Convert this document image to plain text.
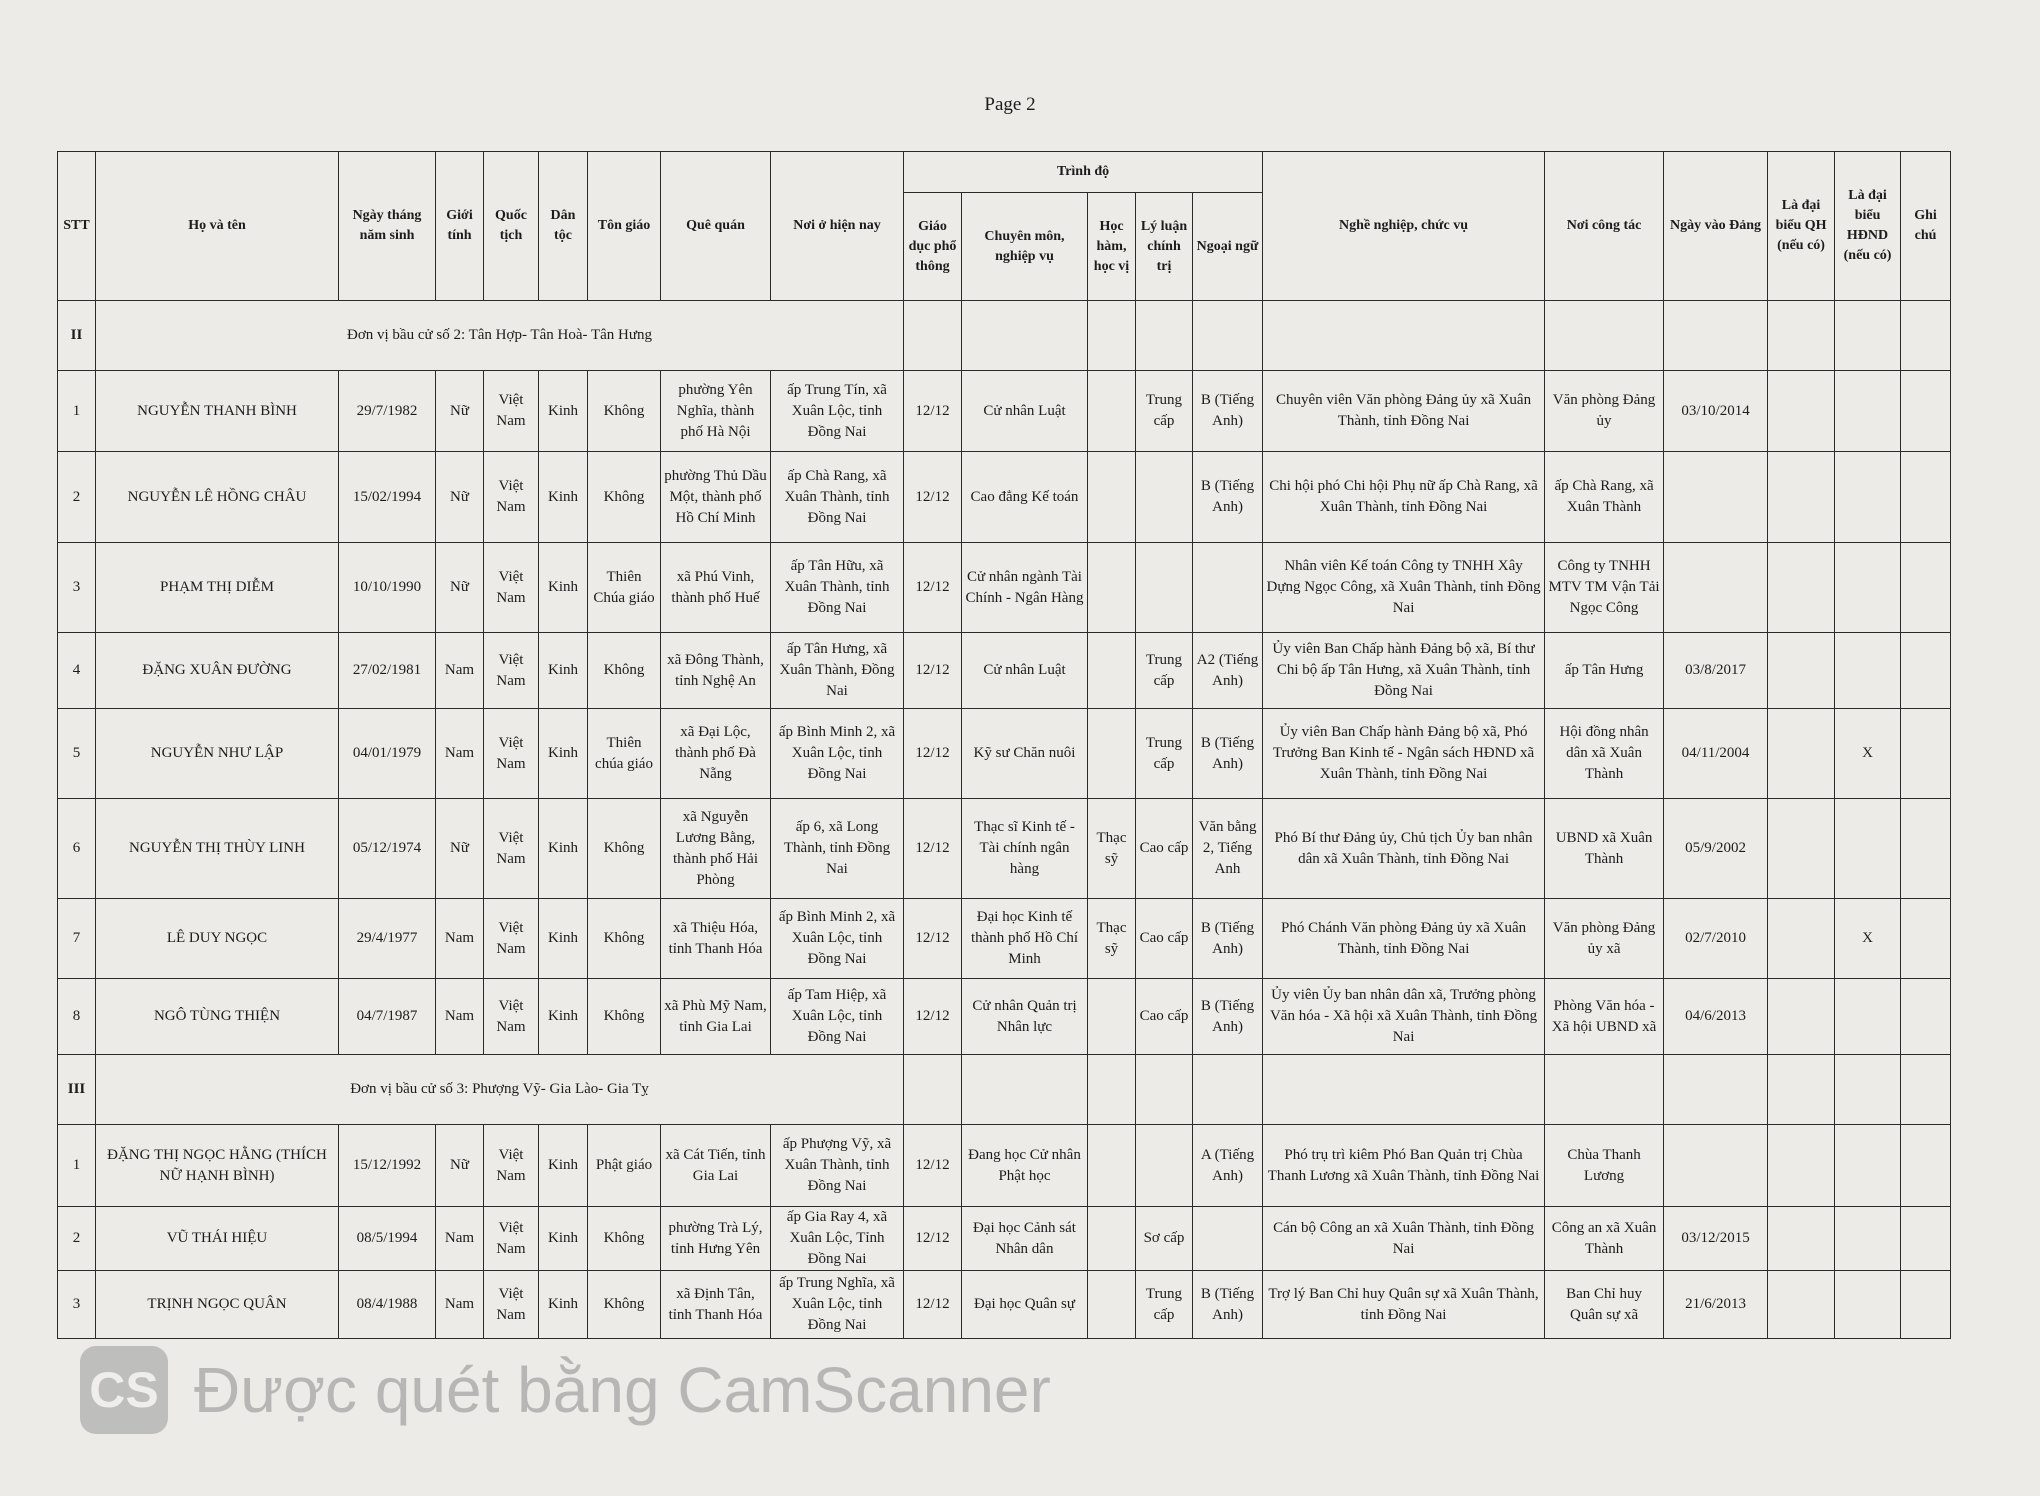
Page 2
STT	Họ và tên	Ngày tháng năm sinh	Giới tính	Quốc tịch	Dân tộc	Tôn giáo	Quê quán	Nơi ở hiện nay	Trình độ					Nghề nghiệp, chức vụ	Nơi công tác	Ngày vào Đảng	Là đại biểu QH (nếu có)	Là đại biểu HĐND (nếu có)	Ghi chú
									Giáo dục phổ thông	Chuyên môn, nghiệp vụ	Học hàm, học vị	Lý luận chính trị	Ngoại ngữ						
II	Đơn vị bầu cử số 2: Tân Hợp- Tân Hoà- Tân Hưng																		
1	NGUYỄN THANH BÌNH	29/7/1982	Nữ	Việt Nam	Kinh	Không	phường Yên Nghĩa, thành phố Hà Nội	ấp Trung Tín, xã Xuân Lộc, tỉnh Đồng Nai	12/12	Cử nhân Luật		Trung cấp	B (Tiếng Anh)	Chuyên viên Văn phòng Đảng ủy xã Xuân Thành, tỉnh Đồng Nai	Văn phòng Đảng ủy	03/10/2014			
2	NGUYỄN LÊ HỒNG CHÂU	15/02/1994	Nữ	Việt Nam	Kinh	Không	phường Thủ Dầu Một, thành phố Hồ Chí Minh	ấp Chà Rang, xã Xuân Thành, tỉnh Đồng Nai	12/12	Cao đẳng Kế toán			B (Tiếng Anh)	Chi hội phó Chi hội Phụ nữ ấp Chà Rang, xã Xuân Thành, tỉnh Đồng Nai	ấp Chà Rang, xã Xuân Thành				
3	PHẠM THỊ DIỄM	10/10/1990	Nữ	Việt Nam	Kinh	Thiên Chúa giáo	xã Phú Vinh, thành phố Huế	ấp Tân Hữu, xã Xuân Thành, tỉnh Đồng Nai	12/12	Cử nhân ngành Tài Chính - Ngân Hàng				Nhân viên Kế toán Công ty TNHH Xây Dựng Ngọc Công, xã Xuân Thành, tỉnh Đồng Nai	Công ty TNHH MTV TM Vận Tải Ngọc Công				
4	ĐẶNG XUÂN ĐƯỜNG	27/02/1981	Nam	Việt Nam	Kinh	Không	xã Đông Thành, tỉnh Nghệ An	ấp Tân Hưng, xã Xuân Thành, Đồng Nai	12/12	Cử nhân Luật		Trung cấp	A2 (Tiếng Anh)	Ủy viên Ban Chấp hành Đảng bộ xã, Bí thư Chi bộ ấp Tân Hưng, xã Xuân Thành, tỉnh Đồng Nai	ấp Tân Hưng	03/8/2017			
5	NGUYỄN NHƯ LẬP	04/01/1979	Nam	Việt Nam	Kinh	Thiên chúa giáo	xã Đại Lộc, thành phố Đà Nẵng	ấp Bình Minh 2, xã Xuân Lộc, tỉnh Đồng Nai	12/12	Kỹ sư Chăn nuôi		Trung cấp	B (Tiếng Anh)	Ủy viên Ban Chấp hành Đảng bộ xã, Phó Trưởng Ban Kinh tế - Ngân sách HĐND xã Xuân Thành, tỉnh Đồng Nai	Hội đồng nhân dân xã Xuân Thành	04/11/2004		X	
6	NGUYỄN THỊ THÙY LINH	05/12/1974	Nữ	Việt Nam	Kinh	Không	xã Nguyễn Lương Bằng, thành phố Hải Phòng	ấp 6, xã Long Thành, tỉnh Đồng Nai	12/12	Thạc sĩ Kinh tế - Tài chính ngân hàng	Thạc sỹ	Cao cấp	Văn bằng 2, Tiếng Anh	Phó Bí thư Đảng ủy, Chủ tịch Ủy ban nhân dân xã Xuân Thành, tỉnh Đồng Nai	UBND xã Xuân Thành	05/9/2002			
7	LÊ DUY NGỌC	29/4/1977	Nam	Việt Nam	Kinh	Không	xã Thiệu Hóa, tỉnh Thanh Hóa	ấp Bình Minh 2, xã Xuân Lộc, tỉnh Đồng Nai	12/12	Đại học Kinh tế thành phố Hồ Chí Minh	Thạc sỹ	Cao cấp	B (Tiếng Anh)	Phó Chánh Văn phòng Đảng ủy xã Xuân Thành, tỉnh Đồng Nai	Văn phòng Đảng ủy xã	02/7/2010		X	
8	NGÔ TÙNG THIỆN	04/7/1987	Nam	Việt Nam	Kinh	Không	xã Phù Mỹ Nam, tỉnh Gia Lai	ấp Tam Hiệp, xã Xuân Lộc, tỉnh Đồng Nai	12/12	Cử nhân Quản trị Nhân lực		Cao cấp	B (Tiếng Anh)	Ủy viên Ủy ban nhân dân xã, Trưởng phòng Văn hóa - Xã hội xã Xuân Thành, tỉnh Đồng Nai	Phòng Văn hóa - Xã hội UBND xã	04/6/2013			
III	Đơn vị bầu cử số 3: Phượng Vỹ- Gia Lào- Gia Tỵ																		
1	ĐẶNG THỊ NGỌC HẰNG (THÍCH NỮ HẠNH BÌNH)	15/12/1992	Nữ	Việt Nam	Kinh	Phật giáo	xã Cát Tiến, tỉnh Gia Lai	ấp Phượng Vỹ, xã Xuân Thành, tỉnh Đồng Nai	12/12	Đang học Cử nhân Phật học			A (Tiếng Anh)	Phó trụ trì kiêm Phó Ban Quản trị Chùa Thanh Lương xã Xuân Thành, tỉnh Đồng Nai	Chùa Thanh Lương				
2	VŨ THÁI HIỆU	08/5/1994	Nam	Việt Nam	Kinh	Không	phường Trà Lý, tỉnh Hưng Yên	ấp Gia Ray 4, xã Xuân Lộc, Tỉnh Đồng Nai	12/12	Đại học Cảnh sát Nhân dân		Sơ cấp		Cán bộ Công an xã Xuân Thành, tỉnh Đồng Nai	Công an xã Xuân Thành	03/12/2015			
3	TRỊNH NGỌC QUÂN	08/4/1988	Nam	Việt Nam	Kinh	Không	xã Định Tân, tỉnh Thanh Hóa	ấp Trung Nghĩa, xã Xuân Lộc, tỉnh Đồng Nai	12/12	Đại học Quân sự		Trung cấp	B (Tiếng Anh)	Trợ lý Ban Chỉ huy Quân sự xã Xuân Thành, tỉnh Đồng Nai	Ban Chỉ huy Quân sự xã	21/6/2013			
CS Được quét bằng CamScanner
